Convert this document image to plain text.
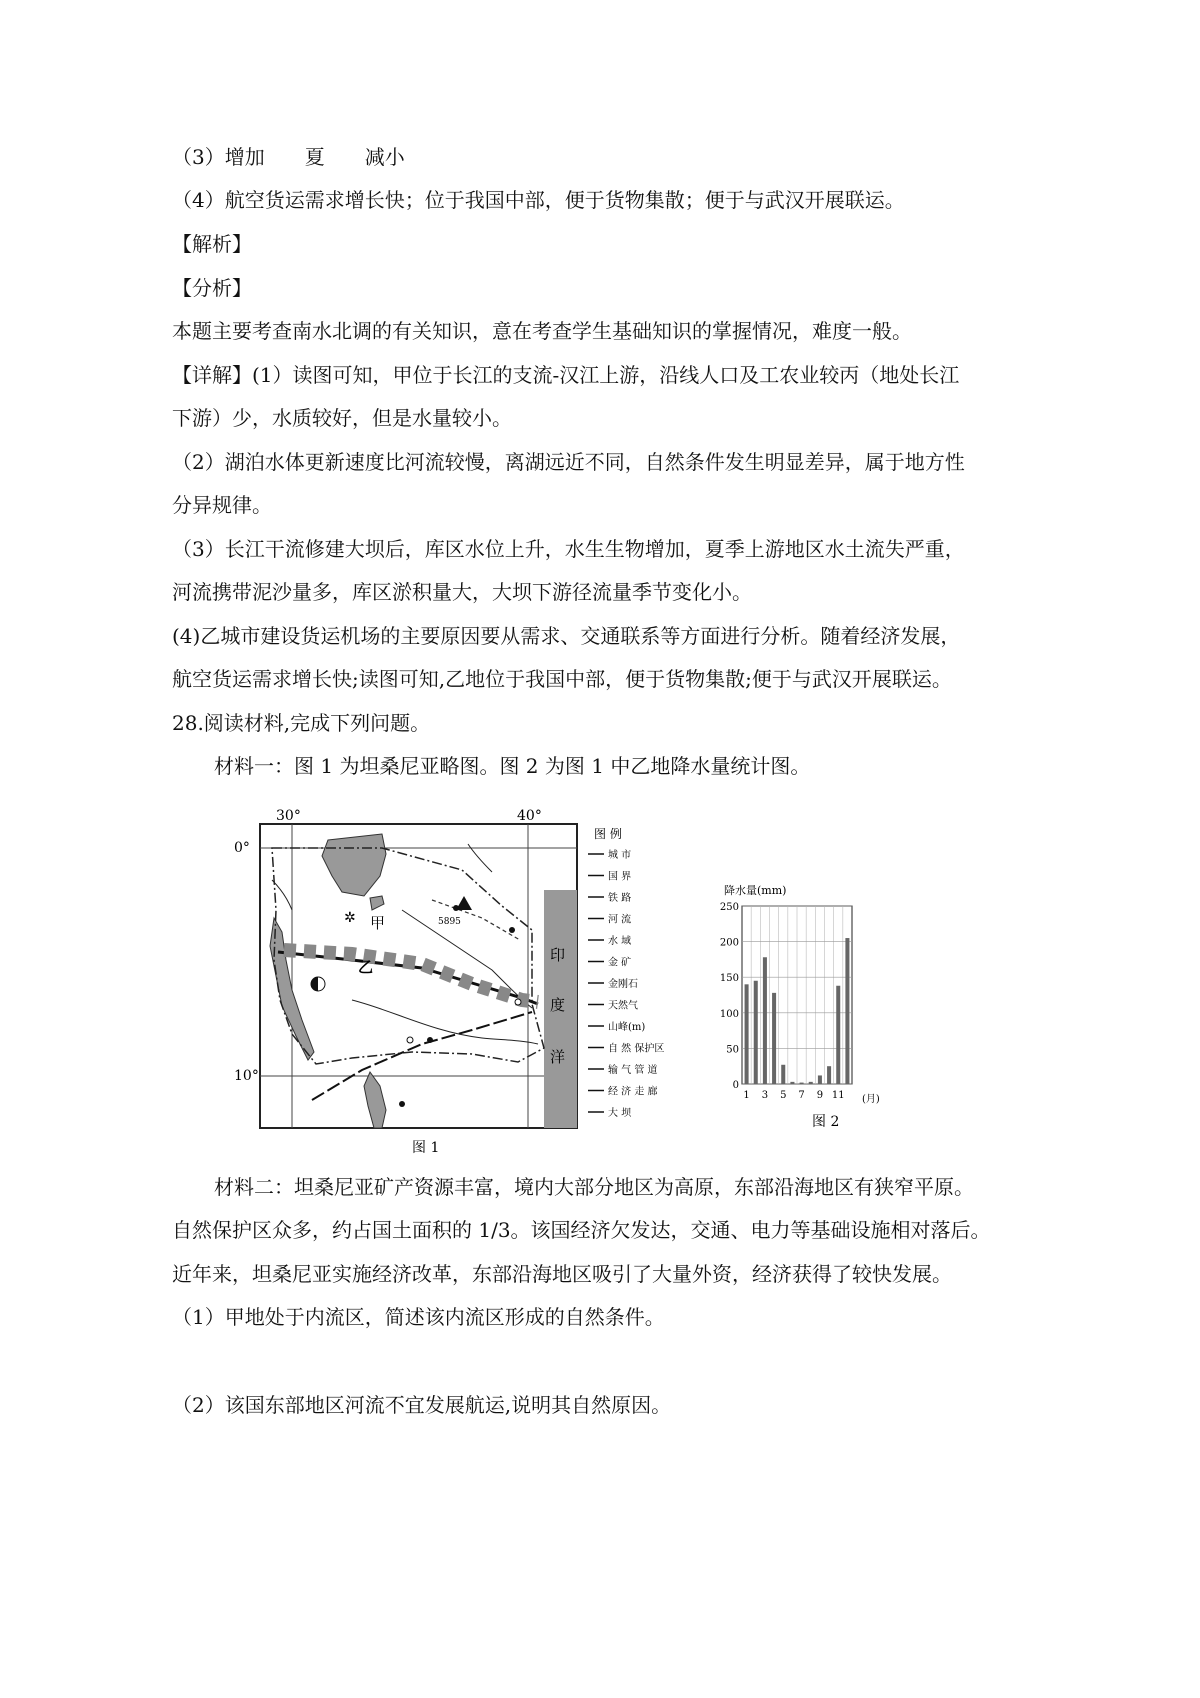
（3）增加　　夏　　减小
（4）航空货运需求增长快；位于我国中部，便于货物集散；便于与武汉开展联运。
【解析】
【分析】
本题主要考查南水北调的有关知识，意在考查学生基础知识的掌握情况，难度一般。
【详解】(1）读图可知，甲位于长江的支流-汉江上游，沿线人口及工农业较丙（地处长江
下游）少，水质较好，但是水量较小。
（2）湖泊水体更新速度比河流较慢，离湖远近不同，自然条件发生明显差异，属于地方性
分异规律。
（3）长江干流修建大坝后，库区水位上升，水生生物增加，夏季上游地区水土流失严重，
河流携带泥沙量多，库区淤积量大，大坝下游径流量季节变化小。
(4)乙城市建设货运机场的主要原因要从需求、交通联系等方面进行分析。随着经济发展，
航空货运需求增长快;读图可知,乙地位于我国中部，便于货物集散;便于与武汉开展联运。
28.阅读材料,完成下列问题。
材料一：图 1 为坦桑尼亚略图。图 2 为图 1 中乙地降水量统计图。
30°	40°
0°
10°
印
度
洋
甲
乙
✲	5895
图 1
图 例
城 市
国 界
铁 路
河 流
水 域
金 矿
金刚石
天然气
山峰(m)
自 然 保护区
输 气 管 道
经 济 走 廊
大 坝
降水量(mm)
0
50
100
150
200
250
1 3 5 7 9 11 (月)
图 2
材料二：坦桑尼亚矿产资源丰富，境内大部分地区为高原，东部沿海地区有狭窄平原。
自然保护区众多，约占国土面积的 1/3。该国经济欠发达，交通、电力等基础设施相对落后。
近年来，坦桑尼亚实施经济改革，东部沿海地区吸引了大量外资，经济获得了较快发展。
（1）甲地处于内流区，简述该内流区形成的自然条件。
（2）该国东部地区河流不宜发展航运,说明其自然原因。
